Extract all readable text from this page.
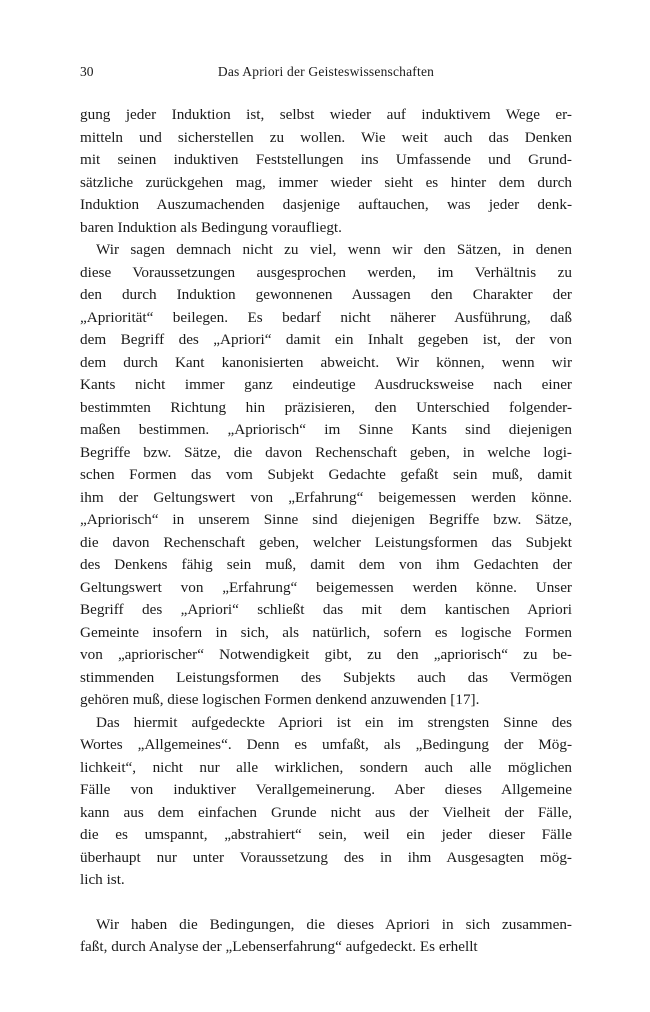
30	Das Apriori der Geisteswissenschaften
gung jeder Induktion ist, selbst wieder auf induktivem Wege er-
mitteln und sicherstellen zu wollen. Wie weit auch das Denken
mit seinen induktiven Feststellungen ins Umfassende und Grund-
sätzliche zurückgehen mag, immer wieder sieht es hinter dem durch
Induktion Auszumachenden dasjenige auftauchen, was jeder denk-
baren Induktion als Bedingung voraufliegt.
Wir sagen demnach nicht zu viel, wenn wir den Sätzen, in denen
diese Voraussetzungen ausgesprochen werden, im Verhältnis zu
den durch Induktion gewonnenen Aussagen den Charakter der
„Apriorität“ beilegen. Es bedarf nicht näherer Ausführung, daß
dem Begriff des „Apriori“ damit ein Inhalt gegeben ist, der von
dem durch Kant kanonisierten abweicht. Wir können, wenn wir
Kants nicht immer ganz eindeutige Ausdrucksweise nach einer
bestimmten Richtung hin präzisieren, den Unterschied folgender-
maßen bestimmen. „Apriorisch“ im Sinne Kants sind diejenigen
Begriffe bzw. Sätze, die davon Rechenschaft geben, in welche logi-
schen Formen das vom Subjekt Gedachte gefaßt sein muß, damit
ihm der Geltungswert von „Erfahrung“ beigemessen werden könne.
„Apriorisch“ in unserem Sinne sind diejenigen Begriffe bzw. Sätze,
die davon Rechenschaft geben, welcher Leistungsformen das Subjekt
des Denkens fähig sein muß, damit dem von ihm Gedachten der
Geltungswert von „Erfahrung“ beigemessen werden könne. Unser
Begriff des „Apriori“ schließt das mit dem kantischen Apriori
Gemeinte insofern in sich, als natürlich, sofern es logische Formen
von „apriorischer“ Notwendigkeit gibt, zu den „apriorisch“ zu be-
stimmenden Leistungsformen des Subjekts auch das Vermögen
gehören muß, diese logischen Formen denkend anzuwenden [17].
Das hiermit aufgedeckte Apriori ist ein im strengsten Sinne des
Wortes „Allgemeines“. Denn es umfaßt, als „Bedingung der Mög-
lichkeit“, nicht nur alle wirklichen, sondern auch alle möglichen
Fälle von induktiver Verallgemeinerung. Aber dieses Allgemeine
kann aus dem einfachen Grunde nicht aus der Vielheit der Fälle,
die es umspannt, „abstrahiert“ sein, weil ein jeder dieser Fälle
überhaupt nur unter Voraussetzung des in ihm Ausgesagten mög-
lich ist.
Wir haben die Bedingungen, die dieses Apriori in sich zusammen-
faßt, durch Analyse der „Lebenserfahrung“ aufgedeckt. Es erhellt
